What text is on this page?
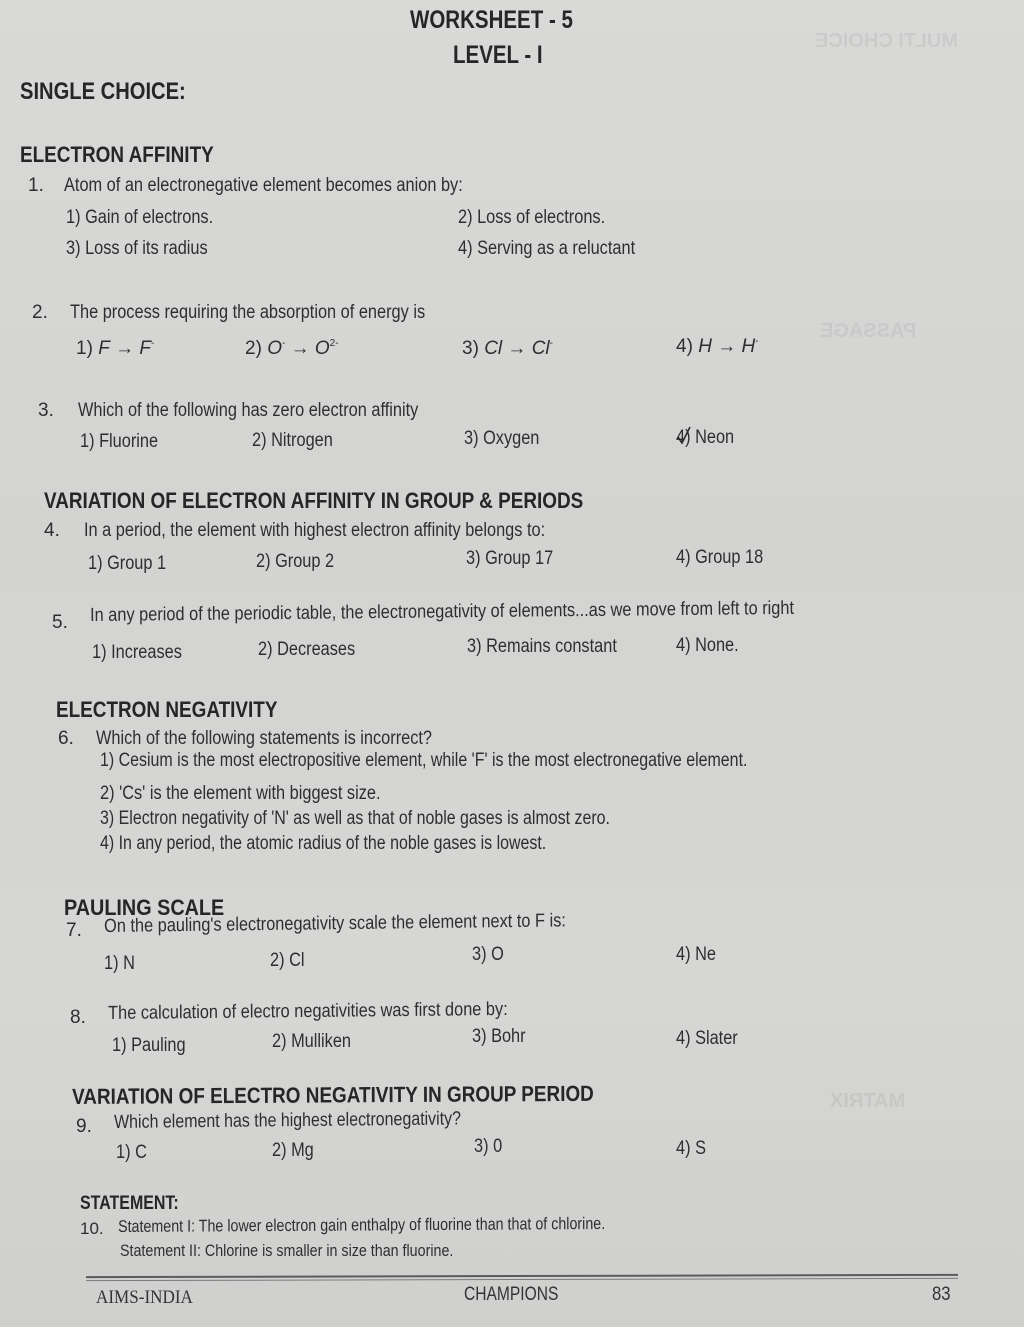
MULTI CHOICE
PASSAGE
MATRIX
WORKSHEET - 5
LEVEL - I
SINGLE CHOICE:
ELECTRON AFFINITY
1. Atom of an electronegative element becomes anion by:
1) Gain of electrons.	2) Loss of electrons.
3) Loss of its radius	4) Serving as a reluctant
2. The process requiring the absorption of energy is
1) F → F-	2) $O^- \to O^{2-}$	3) Cl → Cl-	4) H → H-
3. Which of the following has zero electron affinity
1) Fluorine	2) Nitrogen	3) Oxygen	4) Neon
VARIATION OF ELECTRON AFFINITY IN GROUP & PERIODS
4. In a period, the element with highest electron affinity belongs to:
1) Group 1	2) Group 2	3) Group 17	4) Group 18
5. In any period of the periodic table, the electronegativity of elements...as we move from left to right
1) Increases	2) Decreases	3) Remains constant	4) None.
ELECTRON NEGATIVITY
6. Which of the following statements is incorrect?
1) Cesium is the most electropositive element, while 'F' is the most electronegative element.
2) 'Cs' is the element with biggest size.
3) Electron negativity of 'N' as well as that of noble gases is almost zero.
4) In any period, the atomic radius of the noble gases is lowest.
PAULING SCALE
7. On the pauling's electronegativity scale the element next to F is:
1) N	2) Cl	3) O	4) Ne
8. The calculation of electro negativities was first done by:
1) Pauling	2) Mulliken	3) Bohr	4) Slater
VARIATION OF ELECTRO NEGATIVITY IN GROUP PERIOD
9. Which element has the highest electronegativity?
1) C	2) Mg	3) 0	4) S
STATEMENT:
10. Statement I: The lower electron gain enthalpy of fluorine than that of chlorine.
Statement II: Chlorine is smaller in size than fluorine.
AIMS-INDIA	CHAMPIONS	83
